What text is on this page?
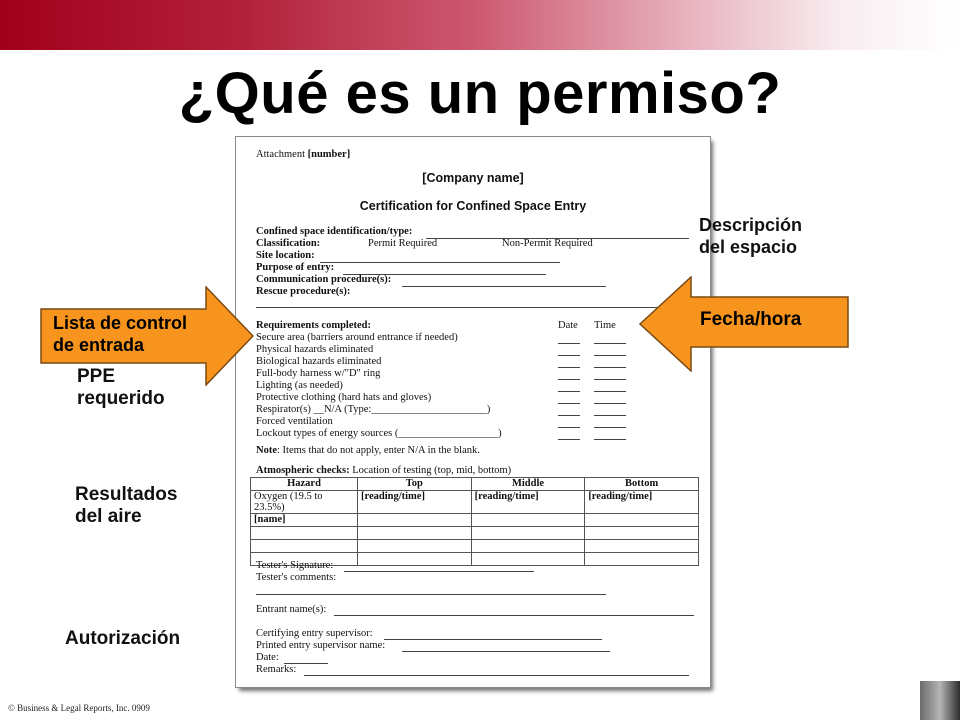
¿Qué es un permiso?
Attachment [number]
[Company name]
Certification for Confined Space Entry
Confined space identification/type:
Classification:	Permit Required	Non-Permit Required
Site location:
Purpose of entry:
Communication procedure(s):
Rescue procedure(s):
Requirements completed:	Date Time
Secure area (barriers around entrance if needed)
Physical hazards eliminated
Biological hazards eliminated
Full-body harness w/"D" ring
Lighting (as needed)
Protective clothing (hard hats and gloves)
Respirator(s) __N/A (Type:______________________)
Forced ventilation
Lockout types of energy sources (___________________)
Note: Items that do not apply, enter N/A in the blank.
Atmospheric checks: Location of testing (top, mid, bottom)
Hazard	Top	Middle	Bottom
Oxygen (19.5 to 23.5%)	[reading/time]	[reading/time]	[reading/time]
[name]			

Tester's Signature:
Tester's comments:
Entrant name(s):
Certifying entry supervisor:
Printed entry supervisor name:
Date:
Remarks:
Descripción
del espacio
Fecha/hora
Lista de control
de entrada
PPE
requerido
Resultados
del aire
Autorización
© Business & Legal Reports, Inc. 0909
